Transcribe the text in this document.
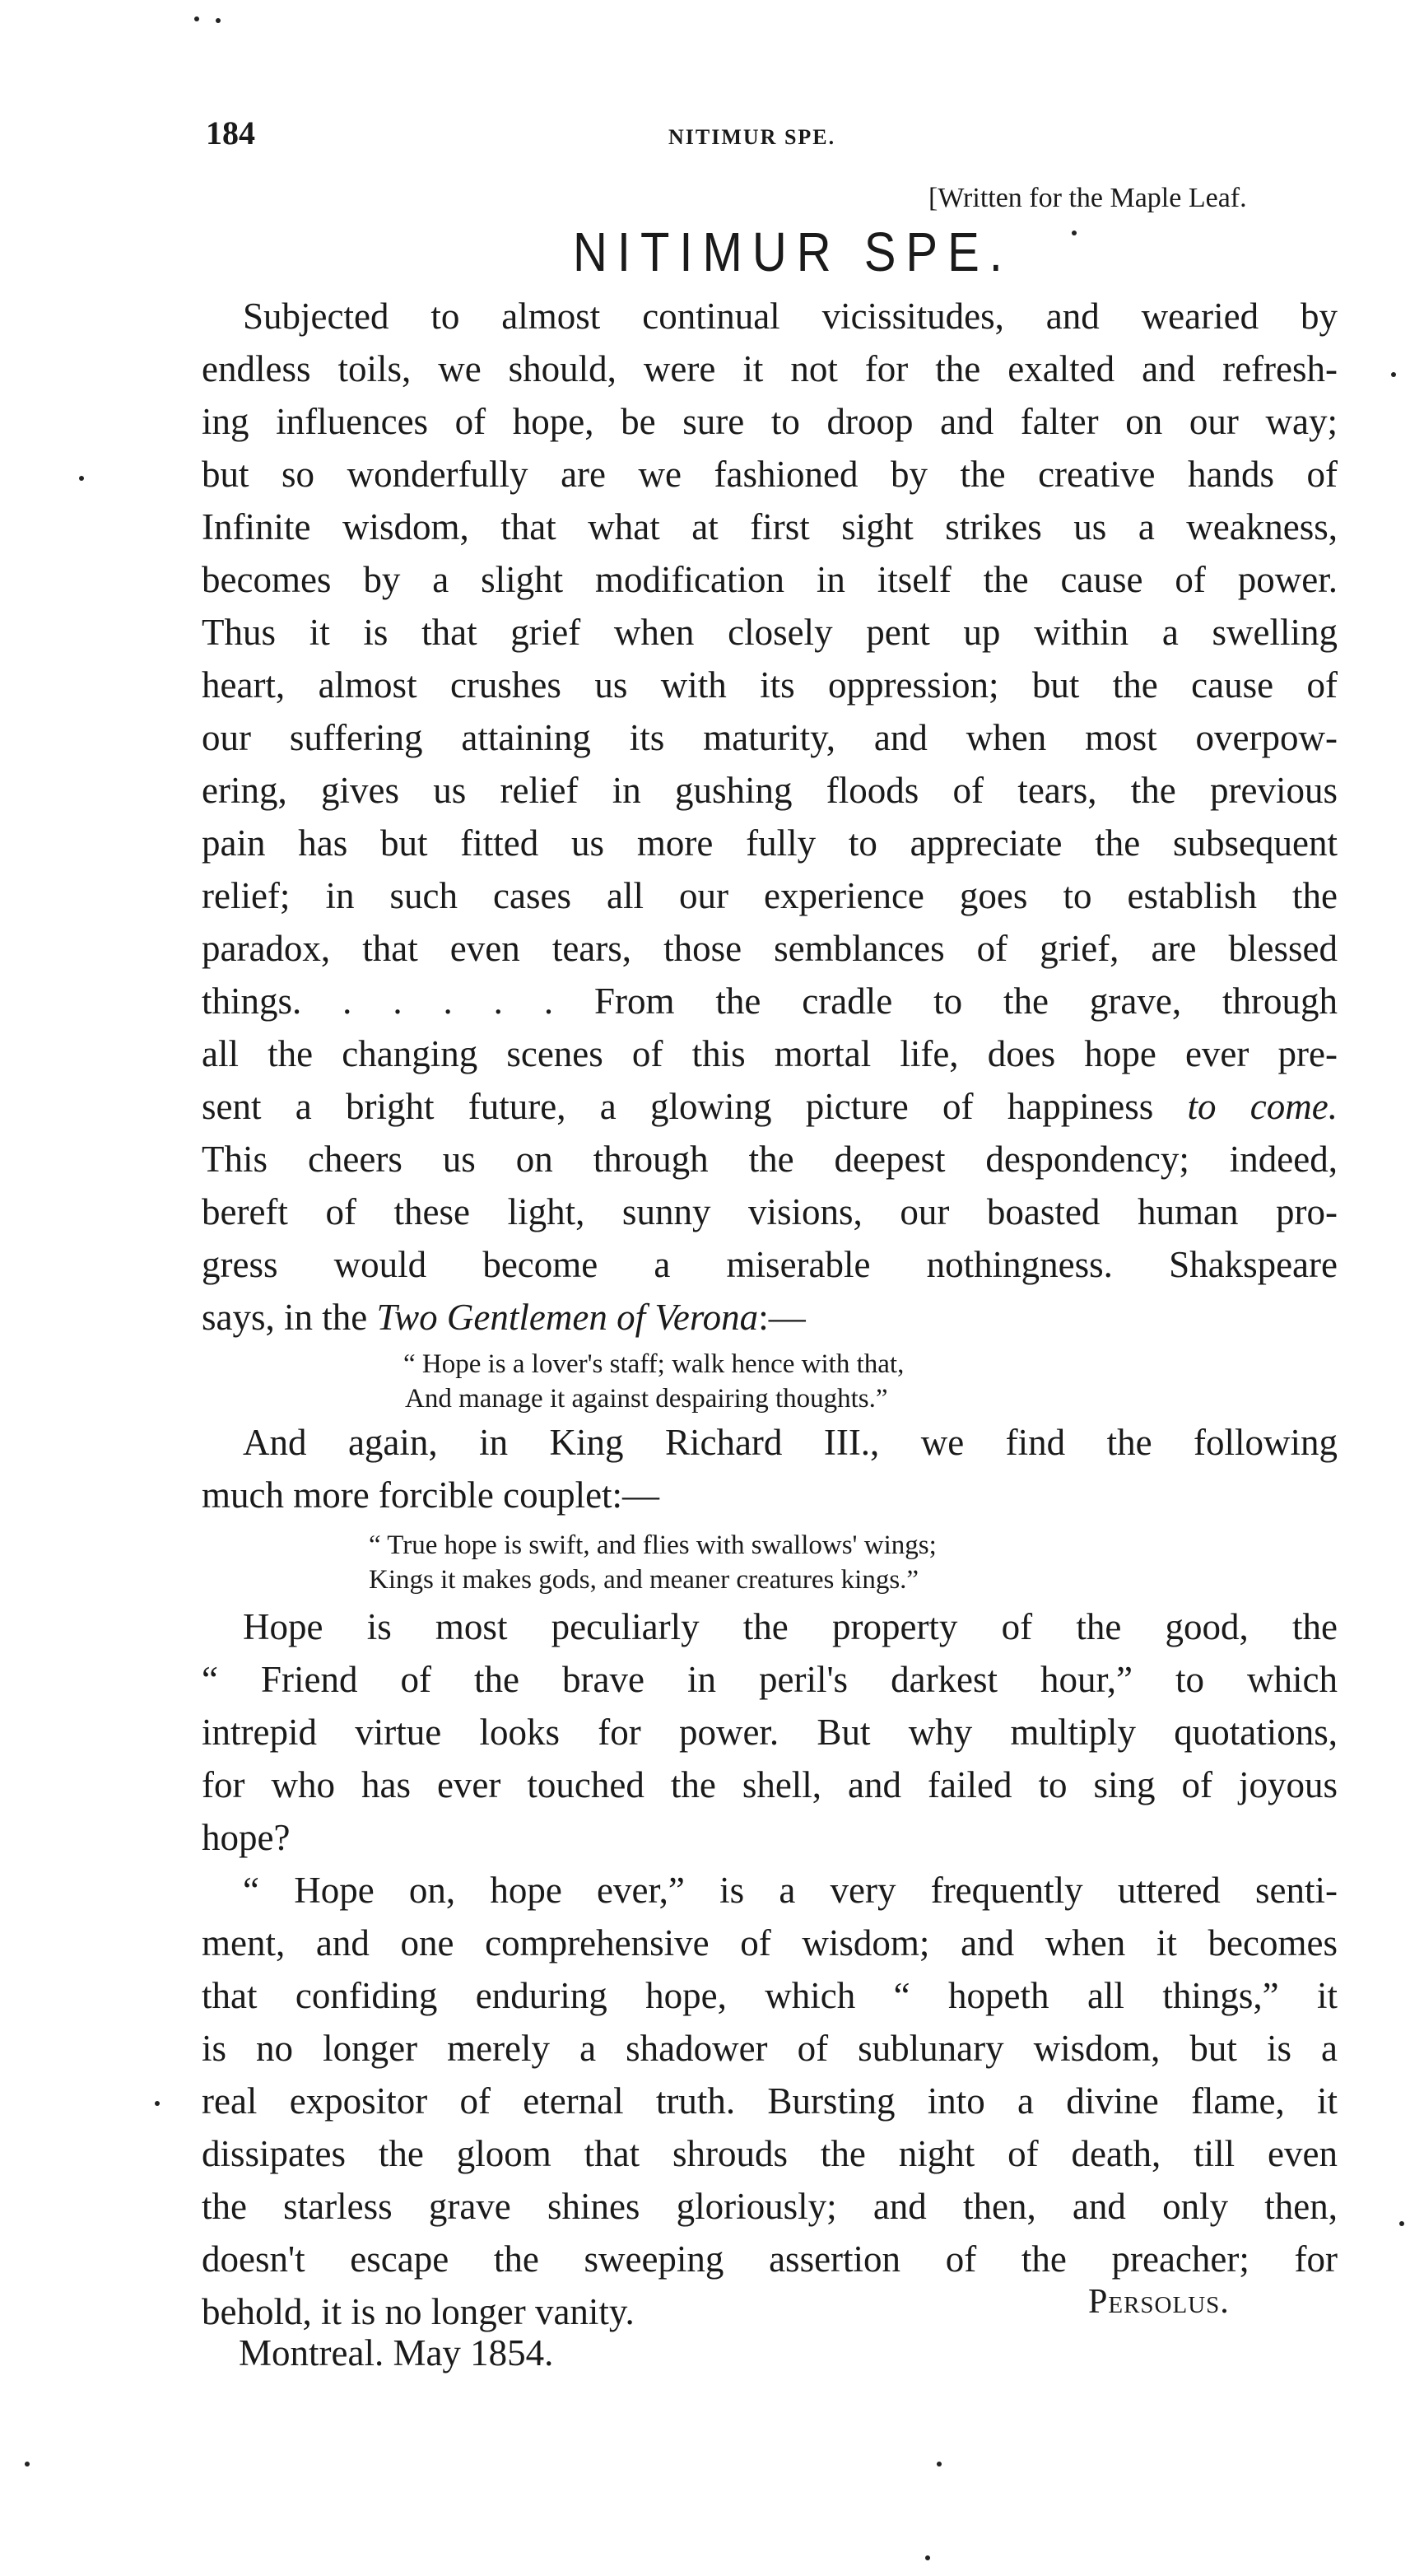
184	NITIMUR SPE.
[Written for the Maple Leaf.
NITIMUR SPE.
Subjected to almost continual vicissitudes, and wearied by
endless toils, we should, were it not for the exalted and refresh-
ing influences of hope, be sure to droop and falter on our way;
but so wonderfully are we fashioned by the creative hands of
Infinite wisdom, that what at first sight strikes us a weakness,
becomes by a slight modification in itself the cause of power.
Thus it is that grief when closely pent up within a swelling
heart, almost crushes us with its oppression; but the cause of
our suffering attaining its maturity, and when most overpow-
ering, gives us relief in gushing floods of tears, the previous
pain has but fitted us more fully to appreciate the subsequent
relief; in such cases all our experience goes to establish the
paradox, that even tears, those semblances of grief, are blessed
things. . . . . . From the cradle to the grave, through
all the changing scenes of this mortal life, does hope ever pre-
sent a bright future, a glowing picture of happiness to come.
This cheers us on through the deepest despondency; indeed,
bereft of these light, sunny visions, our boasted human pro-
gress would become a miserable nothingness. Shakspeare
says, in the Two Gentlemen of Verona:—
“ Hope is a lover's staff; walk hence with that,
And manage it against despairing thoughts.”
And again, in King Richard III., we find the following
much more forcible couplet:—
“ True hope is swift, and flies with swallows' wings;
Kings it makes gods, and meaner creatures kings.”
Hope is most peculiarly the property of the good, the
“ Friend of the brave in peril's darkest hour,” to which
intrepid virtue looks for power. But why multiply quotations,
for who has ever touched the shell, and failed to sing of joyous
hope?
“ Hope on, hope ever,” is a very frequently uttered senti-
ment, and one comprehensive of wisdom; and when it becomes
that confiding enduring hope, which “ hopeth all things,” it
is no longer merely a shadower of sublunary wisdom, but is a
real expositor of eternal truth. Bursting into a divine flame, it
dissipates the gloom that shrouds the night of death, till even
the starless grave shines gloriously; and then, and only then,
doesn't escape the sweeping assertion of the preacher; for
behold, it is no longer vanity.	Persolus.
Montreal. May 1854.
